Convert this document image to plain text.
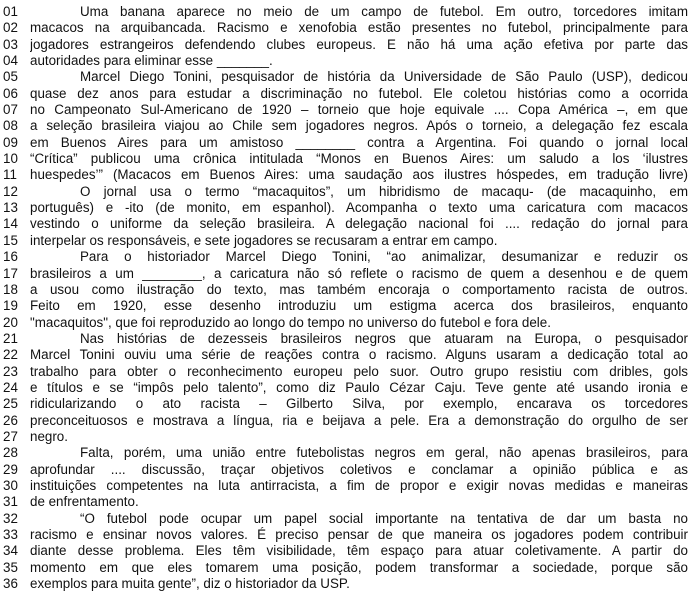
01	Uma banana aparece no meio de um campo de futebol. Em outro, torcedores imitam
02 macacos na arquibancada. Racismo e xenofobia estão presentes no futebol, principalmente para
03 jogadores estrangeiros defendendo clubes europeus. E não há uma ação efetiva por parte das
04 autoridades para eliminar esse _______.
05	Marcel Diego Tonini, pesquisador de história da Universidade de São Paulo (USP), dedicou
06 quase dez anos para estudar a discriminação no futebol. Ele coletou histórias como a ocorrida
07 no Campeonato Sul-Americano de 1920 – torneio que hoje equivale .... Copa América –, em que
08 a seleção brasileira viajou ao Chile sem jogadores negros. Após o torneio, a delegação fez escala
09 em Buenos Aires para um amistoso ________ contra a Argentina. Foi quando o jornal local
10 “Crítica” publicou uma crônica intitulada “Monos en Buenos Aires: um saludo a los ‘ilustres
11 huespedes’” (Macacos em Buenos Aires: uma saudação aos ilustres hóspedes, em tradução livre)
12	O jornal usa o termo “macaquitos”, um hibridismo de macaqu- (de macaquinho, em
13 português) e -ito (de monito, em espanhol). Acompanha o texto uma caricatura com macacos
14 vestindo o uniforme da seleção brasileira. A delegação nacional foi .... redação do jornal para
15 interpelar os responsáveis, e sete jogadores se recusaram a entrar em campo.
16	Para o historiador Marcel Diego Tonini, “ao animalizar, desumanizar e reduzir os
17 brasileiros a um ________, a caricatura não só reflete o racismo de quem a desenhou e de quem
18 a usou como ilustração do texto, mas também encoraja o comportamento racista de outros.
19 Feito em 1920, esse desenho introduziu um estigma acerca dos brasileiros, enquanto
20 "macaquitos", que foi reproduzido ao longo do tempo no universo do futebol e fora dele.
21	Nas histórias de dezesseis brasileiros negros que atuaram na Europa, o pesquisador
22 Marcel Tonini ouviu uma série de reações contra o racismo. Alguns usaram a dedicação total ao
23 trabalho para obter o reconhecimento europeu pelo suor. Outro grupo resistiu com dribles, gols
24 e títulos e se “impôs pelo talento”, como diz Paulo Cézar Caju. Teve gente até usando ironia e
25 ridicularizando o ato racista – Gilberto Silva, por exemplo, encarava os torcedores
26 preconceituosos e mostrava a língua, ria e beijava a pele. Era a demonstração do orgulho de ser
27 negro.
28	Falta, porém, uma união entre futebolistas negros em geral, não apenas brasileiros, para
29 aprofundar .... discussão, traçar objetivos coletivos e conclamar a opinião pública e as
30 instituições competentes na luta antirracista, a fim de propor e exigir novas medidas e maneiras
31 de enfrentamento.
32	“O futebol pode ocupar um papel social importante na tentativa de dar um basta no
33 racismo e ensinar novos valores. É preciso pensar de que maneira os jogadores podem contribuir
34 diante desse problema. Eles têm visibilidade, têm espaço para atuar coletivamente. A partir do
35 momento em que eles tomarem uma posição, podem transformar a sociedade, porque são
36 exemplos para muita gente”, diz o historiador da USP.
